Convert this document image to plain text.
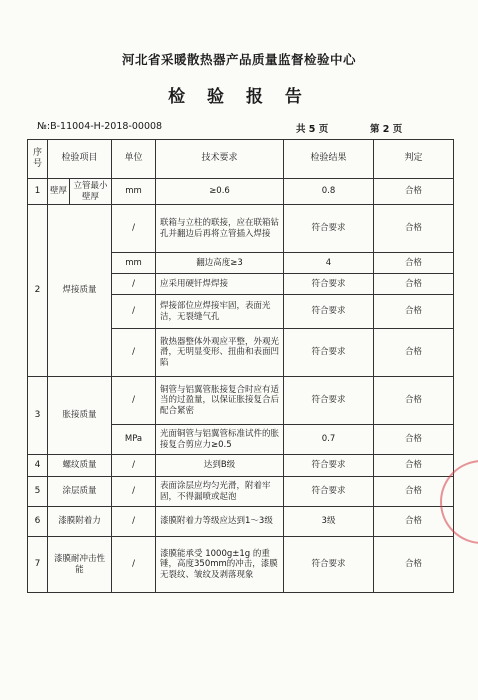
河北省采暖散热器产品质量监督检验中心
检 验 报 告
№:B-11004-H-2018-00008	共 5 页	第 2 页
序号	检验项目		单位	技术要求	检验结果	判定
1	壁厚	立管最小壁厚	mm	≥0.6	0.8	合格
2	焊接质量		/	联箱与立柱的联接，应在联箱钻孔并翻边后再将立管插入焊接	符合要求	合格
			mm	翻边高度≥3	4	合格
			/	应采用硬钎焊焊接	符合要求	合格
			/	焊接部位应焊接牢固，表面光洁，无裂缝气孔	符合要求	合格
			/	散热器整体外观应平整，外观光滑，无明显变形、扭曲和表面凹陷	符合要求	合格
3	胀接质量		/	铜管与铝翼管胀接复合时应有适当的过盈量，以保证胀接复合后配合紧密	符合要求	合格
			MPa	光面铜管与铝翼管标准试件的胀接复合剪应力≥0.5	0.7	合格
4	螺纹质量		/	达到B级	符合要求	合格
5	涂层质量		/	表面涂层应均匀光滑，附着牢固，不得漏喷或起泡	符合要求	合格
6	漆膜附着力		/	漆膜附着力等级应达到1～3级	3级	合格
7	漆膜耐冲击性能		/	漆膜能承受 1000g±1g 的重锤，高度350mm的冲击，漆膜无裂纹、皱纹及剥落现象	符合要求	合格
